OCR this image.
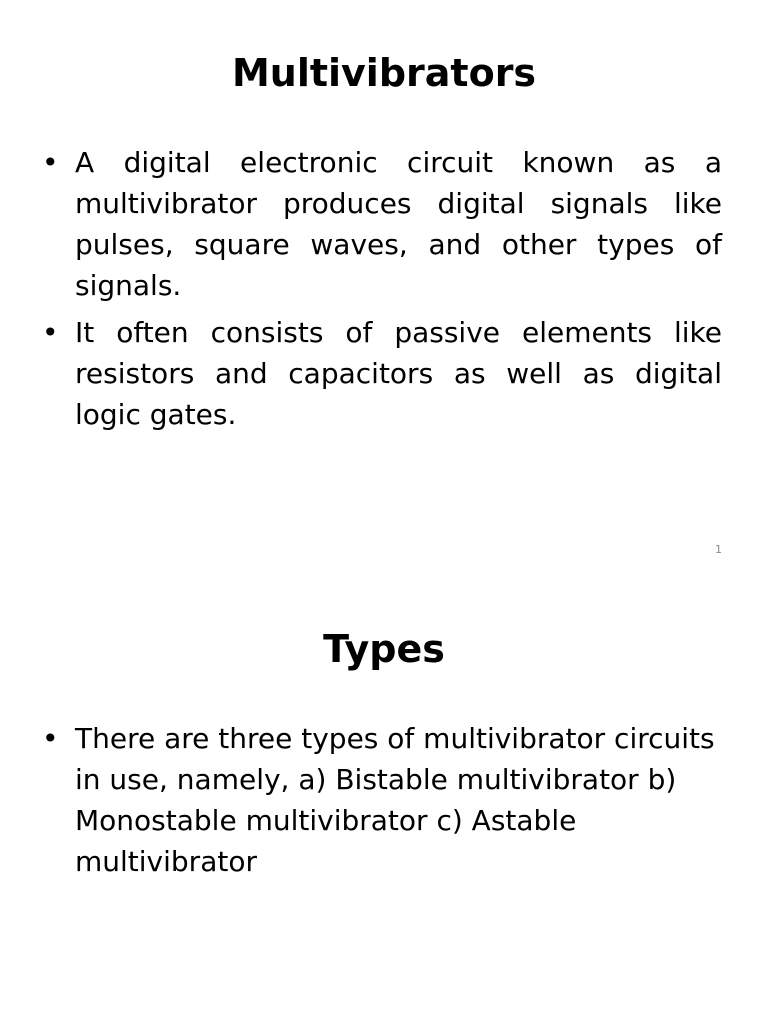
Multivibrators
• A digital electronic circuit known as a multivibrator produces digital signals like pulses, square waves, and other types of signals.
• It often consists of passive elements like resistors and capacitors as well as digital logic gates.
1
Types
• There are three types of multivibrator circuits in use, namely, a) Bistable multivibrator b) Monostable multivibrator c) Astable multivibrator
